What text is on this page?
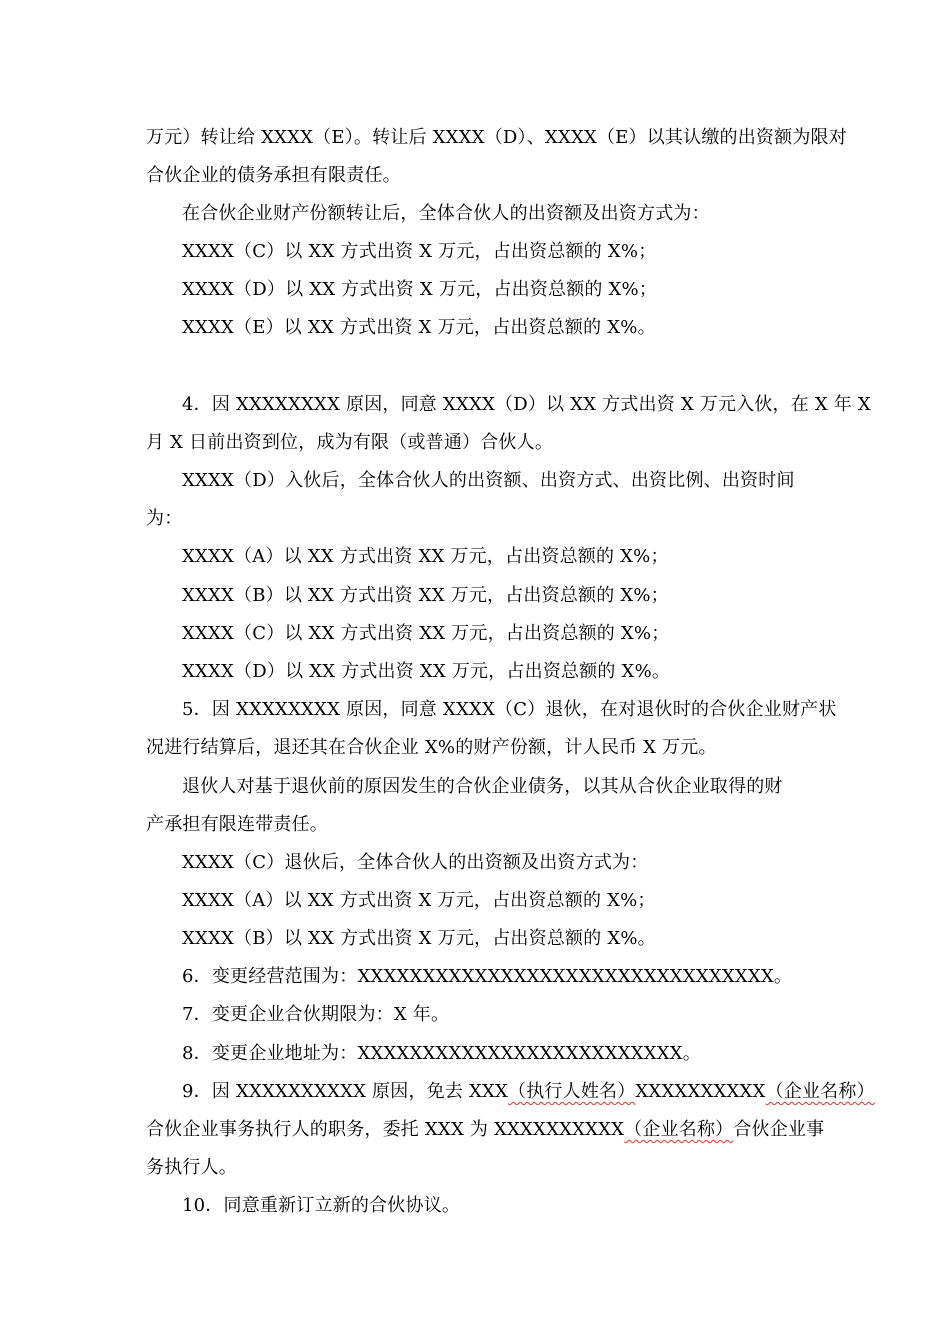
万元）转让给 XXXX（E）。转让后 XXXX（D）、XXXX（E）以其认缴的出资额为限对
合伙企业的债务承担有限责任。
在合伙企业财产份额转让后，全体合伙人的出资额及出资方式为：
XXXX（C）以 XX 方式出资 X 万元，占出资总额的 X%；
XXXX（D）以 XX 方式出资 X 万元，占出资总额的 X%；
XXXX（E）以 XX 方式出资 X 万元，占出资总额的 X%。
4．因 XXXXXXXX 原因，同意 XXXX（D）以 XX 方式出资 X 万元入伙，在 X 年 X
月 X 日前出资到位，成为有限（或普通）合伙人。
XXXX（D）入伙后，全体合伙人的出资额、出资方式、出资比例、出资时间
为：
XXXX（A）以 XX 方式出资 XX 万元，占出资总额的 X%；
XXXX（B）以 XX 方式出资 XX 万元，占出资总额的 X%；
XXXX（C）以 XX 方式出资 XX 万元，占出资总额的 X%；
XXXX（D）以 XX 方式出资 XX 万元，占出资总额的 X%。
5．因 XXXXXXXX 原因，同意 XXXX（C）退伙，在对退伙时的合伙企业财产状
况进行结算后，退还其在合伙企业 X%的财产份额，计人民币 X 万元。
退伙人对基于退伙前的原因发生的合伙企业债务，以其从合伙企业取得的财
产承担有限连带责任。
XXXX（C）退伙后，全体合伙人的出资额及出资方式为：
XXXX（A）以 XX 方式出资 X 万元，占出资总额的 X%；
XXXX（B）以 XX 方式出资 X 万元，占出资总额的 X%。
6．变更经营范围为：XXXXXXXXXXXXXXXXXXXXXXXXXXXXXXXX。
7．变更企业合伙期限为：X 年。
8．变更企业地址为：XXXXXXXXXXXXXXXXXXXXXXXXX。
9．因 XXXXXXXXXX 原因，免去 XXX（执行人姓名）XXXXXXXXXX（企业名称）
合伙企业事务执行人的职务，委托 XXX 为 XXXXXXXXXX（企业名称）合伙企业事
务执行人。
10．同意重新订立新的合伙协议。
